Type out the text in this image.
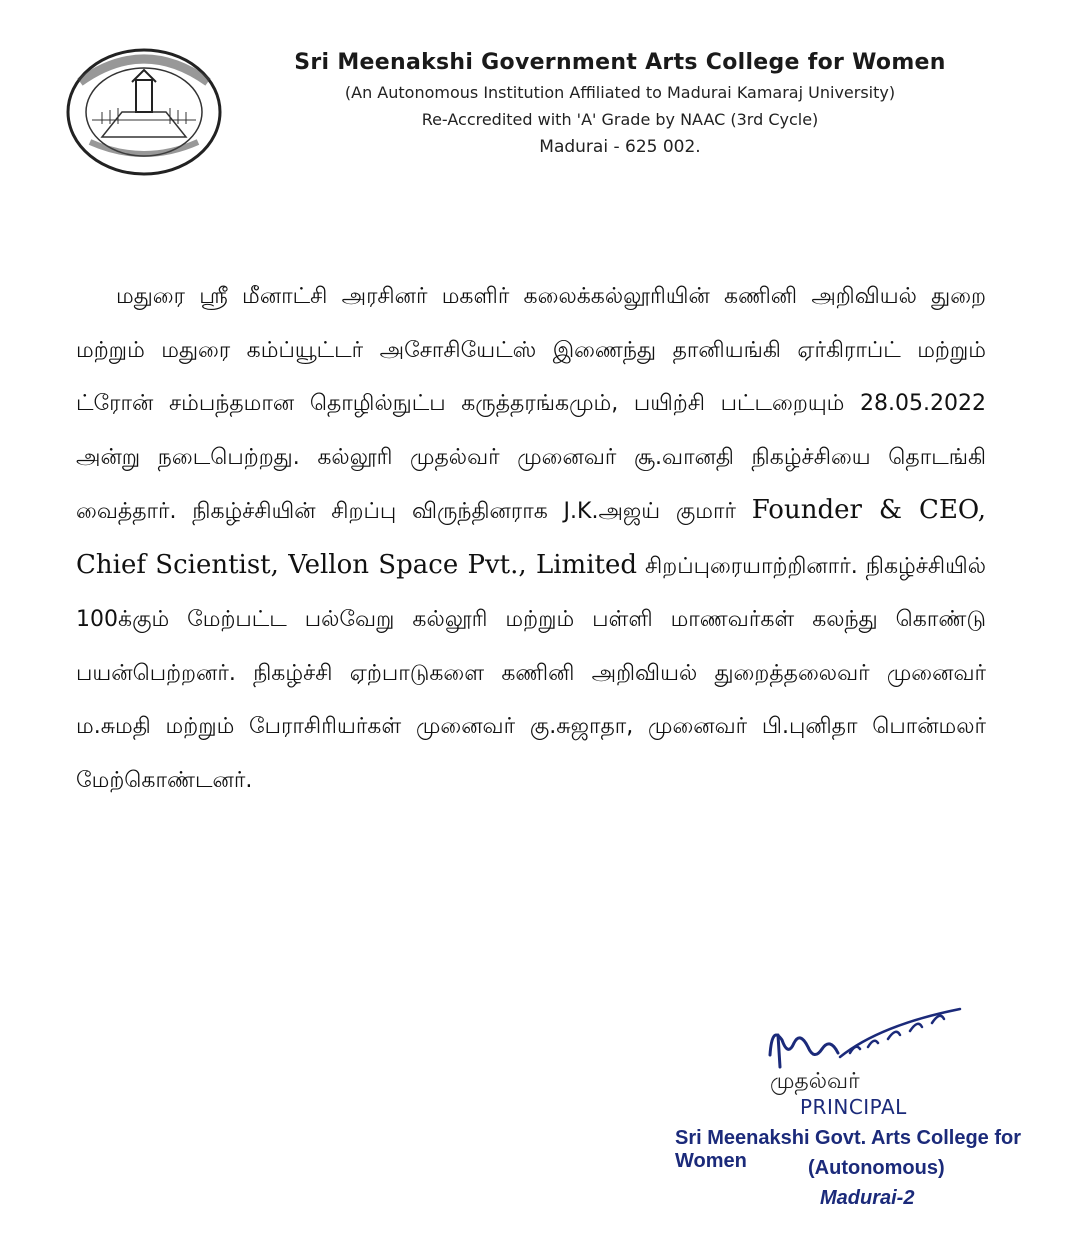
Sri Meenakshi Government Arts College for Women
(An Autonomous Institution Affiliated to Madurai Kamaraj University)
Re-Accredited with 'A' Grade by NAAC (3rd Cycle)
Madurai - 625 002.

மதுரை ஸ்ரீ மீனாட்சி அரசினர் மகளிர் கலைக்கல்லூரியின் கணினி அறிவியல் துறை மற்றும் மதுரை கம்ப்யூட்டர் அசோசியேட்ஸ் இணைந்து தானியங்கி ஏர்கிராப்ட் மற்றும் ட்ரோன் சம்பந்தமான தொழில்நுட்ப கருத்தரங்கமும், பயிற்சி பட்டறையும் 28.05.2022 அன்று நடைபெற்றது. கல்லூரி முதல்வர் முனைவர் சூ.வானதி நிகழ்ச்சியை தொடங்கி வைத்தார். நிகழ்ச்சியின் சிறப்பு விருந்தினராக J.K.அஜய் குமார் Founder & CEO, Chief Scientist, Vellon Space Pvt., Limited சிறப்புரையாற்றினார். நிகழ்ச்சியில் 100க்கும் மேற்பட்ட பல்வேறு கல்லூரி மற்றும் பள்ளி மாணவர்கள் கலந்து கொண்டு பயன்பெற்றனர். நிகழ்ச்சி ஏற்பாடுகளை கணினி அறிவியல் துறைத்தலைவர் முனைவர் ம.சுமதி மற்றும் பேராசிரியர்கள் முனைவர் கு.சுஜாதா, முனைவர் பி.புனிதா பொன்மலர் மேற்கொண்டனர்.

முதல்வர்
PRINCIPAL
Sri Meenakshi Govt. Arts College for Women	(Autonomous)
Madurai-2
